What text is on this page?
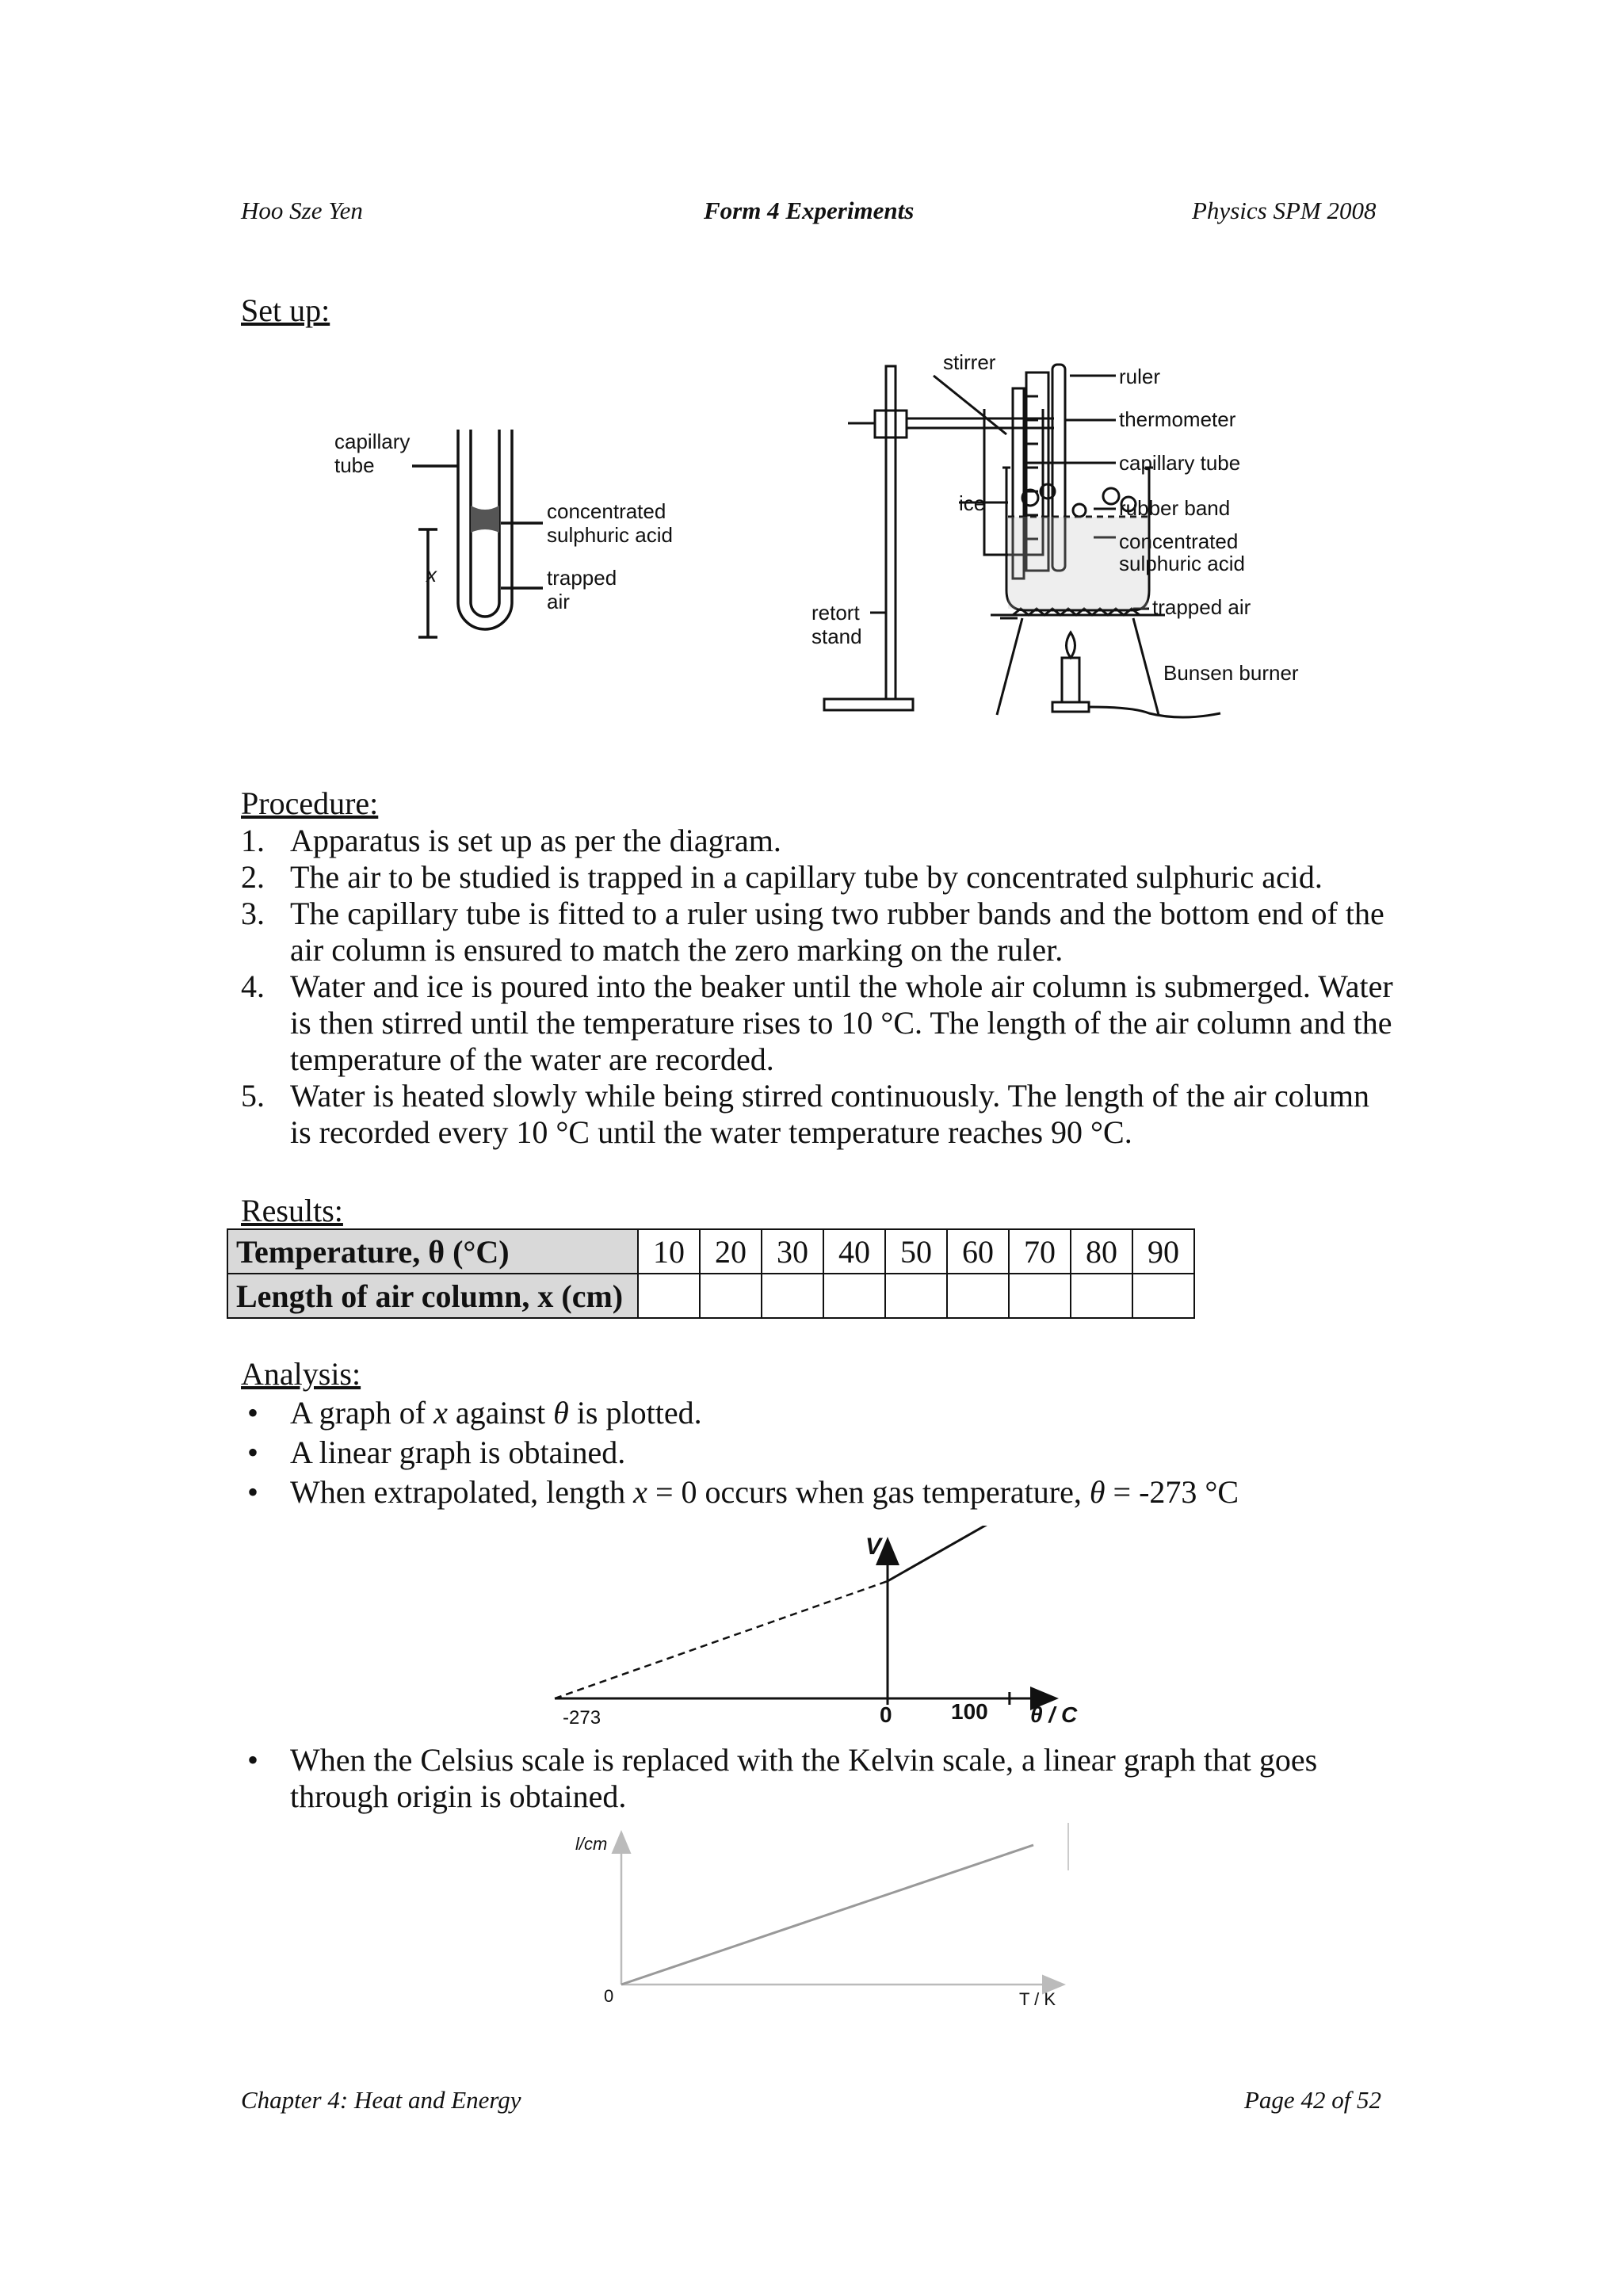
Hoo Sze Yen	Form 4 Experiments	Physics SPM 2008
Set up:
capillary
tube
concentrated
sulphuric acid
x	trapped
air
stirrer
ruler
thermometer
capillary tube
ice	rubber band
concentrated
sulphuric acid
trapped air
retort
stand
Bunsen burner
Procedure:
1. Apparatus is set up as per the diagram.
2. The air to be studied is trapped in a capillary tube by concentrated sulphuric acid.
3. The capillary tube is fitted to a ruler using two rubber bands and the bottom end of the air column is ensured to match the zero marking on the ruler.
4. Water and ice is poured into the beaker until the whole air column is submerged. Water is then stirred until the temperature rises to 10 °C. The length of the air column and the temperature of the water are recorded.
5. Water is heated slowly while being stirred continuously. The length of the air column is recorded every 10 °C until the water temperature reaches 90 °C.
Results:
Temperature, θ (°C)	10	20	30	40	50	60	70	80	90
Length of air column, x (cm)									
Analysis:
• A graph of x against θ is plotted.
• A linear graph is obtained.
• When extrapolated, length x = 0 occurs when gas temperature, θ = -273 °C
V
θ / C
-273	0	100
• When the Celsius scale is replaced with the Kelvin scale, a linear graph that goes through origin is obtained.
l/cm
0	T / K
Chapter 4: Heat and Energy	Page 42 of 52
